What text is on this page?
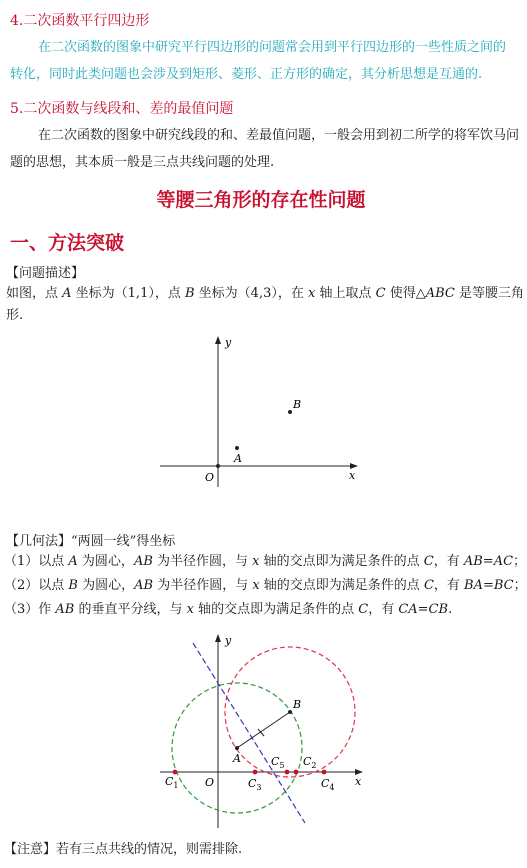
4.二次函数平行四边形
在二次函数的图象中研究平行四边形的问题常会用到平行四边形的一些性质之间的
转化，同时此类问题也会涉及到矩形、菱形、正方形的确定，其分析思想是互通的.
5.二次函数与线段和、差的最值问题
在二次函数的图象中研究线段的和、差最值问题，一般会用到初二所学的将军饮马问
题的思想，其本质一般是三点共线问题的处理.
等腰三角形的存在性问题
一、方法突破
【问题描述】
如图，点 A 坐标为（1,1），点 B 坐标为（4,3），在 x 轴上取点 C 使得△ABC 是等腰三角
形.
y
x
O
A
B
【几何法】“两圆一线”得坐标
（1）以点 A 为圆心，AB 为半径作圆，与 x 轴的交点即为满足条件的点 C，有 AB=AC；
（2）以点 B 为圆心，AB 为半径作圆，与 x 轴的交点即为满足条件的点 C，有 BA=BC；
（3）作 AB 的垂直平分线，与 x 轴的交点即为满足条件的点 C，有 CA=CB.
y
x
O
A
B
$C_1$	$C_3$
$C_5$ $C_2$
$C_4$
【注意】若有三点共线的情况，则需排除.
